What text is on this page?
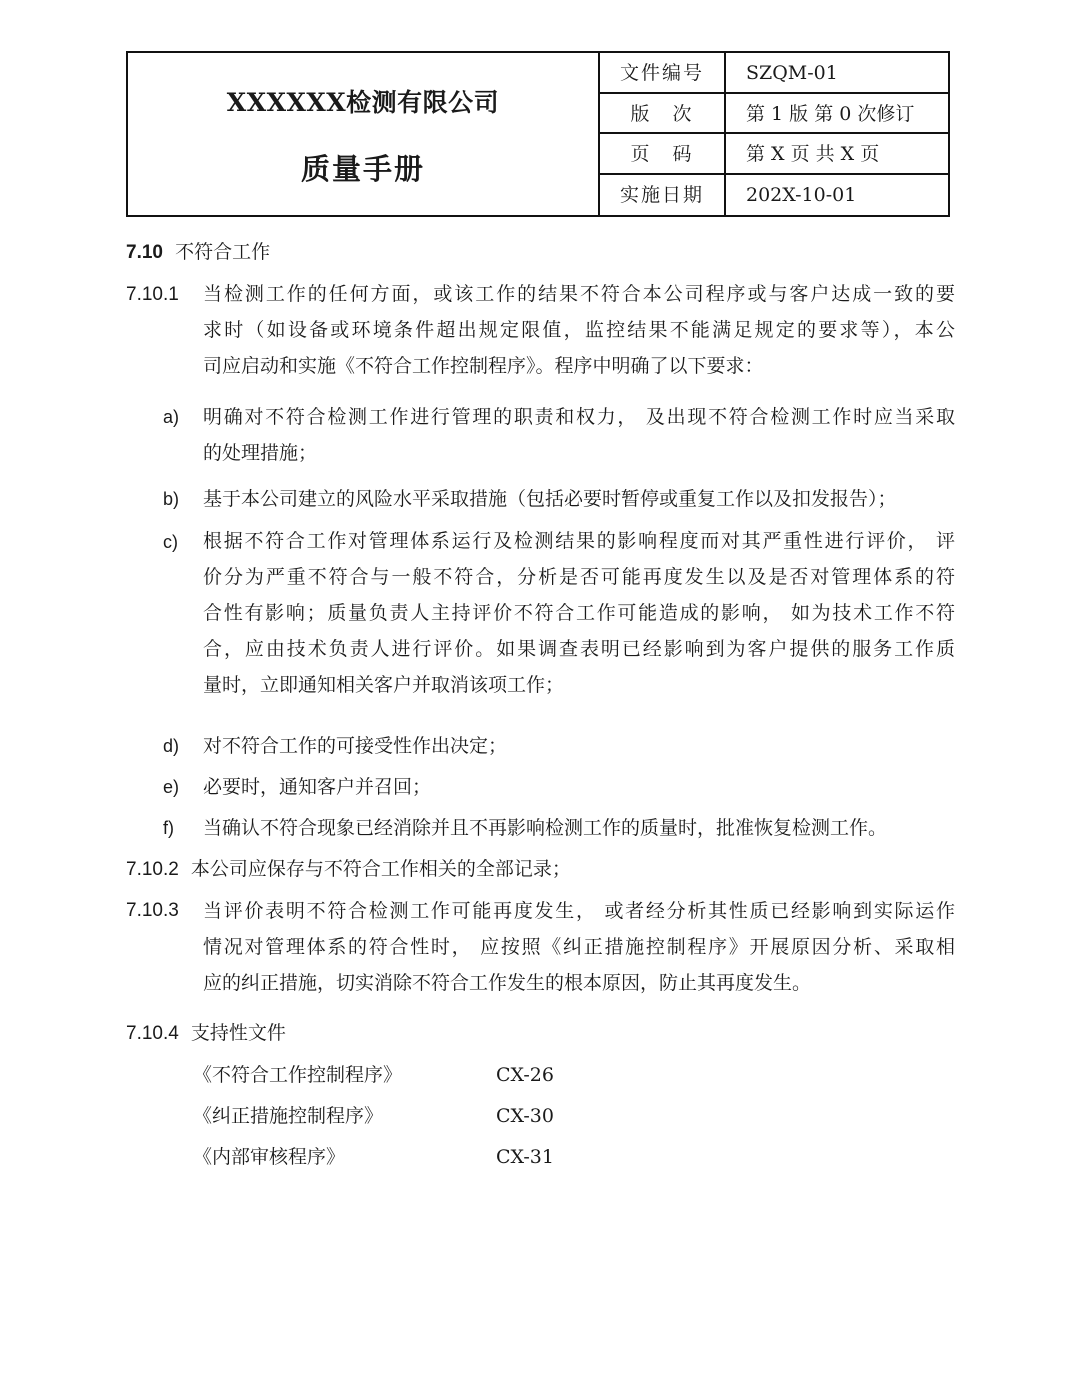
XXXXXX检测有限公司
质量手册
文件编号	SZQM-01
版　次	第 1 版 第 0 次修订
页　码	第 X 页 共 X 页
实施日期	202X-10-01
7.10 不符合工作
7.10.1 当检测工作的任何方面，或该工作的结果不符合本公司程序或与客户达成一致的要
求时（如设备或环境条件超出规定限值，监控结果不能满足规定的要求等），本公
司应启动和实施《不符合工作控制程序》。程序中明确了以下要求：
a) 明确对不符合检测工作进行管理的职责和权力， 及出现不符合检测工作时应当采取
的处理措施；
b) 基于本公司建立的风险水平采取措施（包括必要时暂停或重复工作以及扣发报告）；
c) 根据不符合工作对管理体系运行及检测结果的影响程度而对其严重性进行评价， 评
价分为严重不符合与一般不符合，分析是否可能再度发生以及是否对管理体系的符
合性有影响；质量负责人主持评价不符合工作可能造成的影响， 如为技术工作不符
合，应由技术负责人进行评价。如果调查表明已经影响到为客户提供的服务工作质
量时，立即通知相关客户并取消该项工作；
d) 对不符合工作的可接受性作出决定；
e) 必要时，通知客户并召回；
f) 当确认不符合现象已经消除并且不再影响检测工作的质量时，批准恢复检测工作。
7.10.2 本公司应保存与不符合工作相关的全部记录；
7.10.3 当评价表明不符合检测工作可能再度发生， 或者经分析其性质已经影响到实际运作
情况对管理体系的符合性时， 应按照《纠正措施控制程序》开展原因分析、采取相
应的纠正措施，切实消除不符合工作发生的根本原因，防止其再度发生。
7.10.4 支持性文件
《不符合工作控制程序》	CX-26
《纠正措施控制程序》	CX-30
《内部审核程序》	CX-31
